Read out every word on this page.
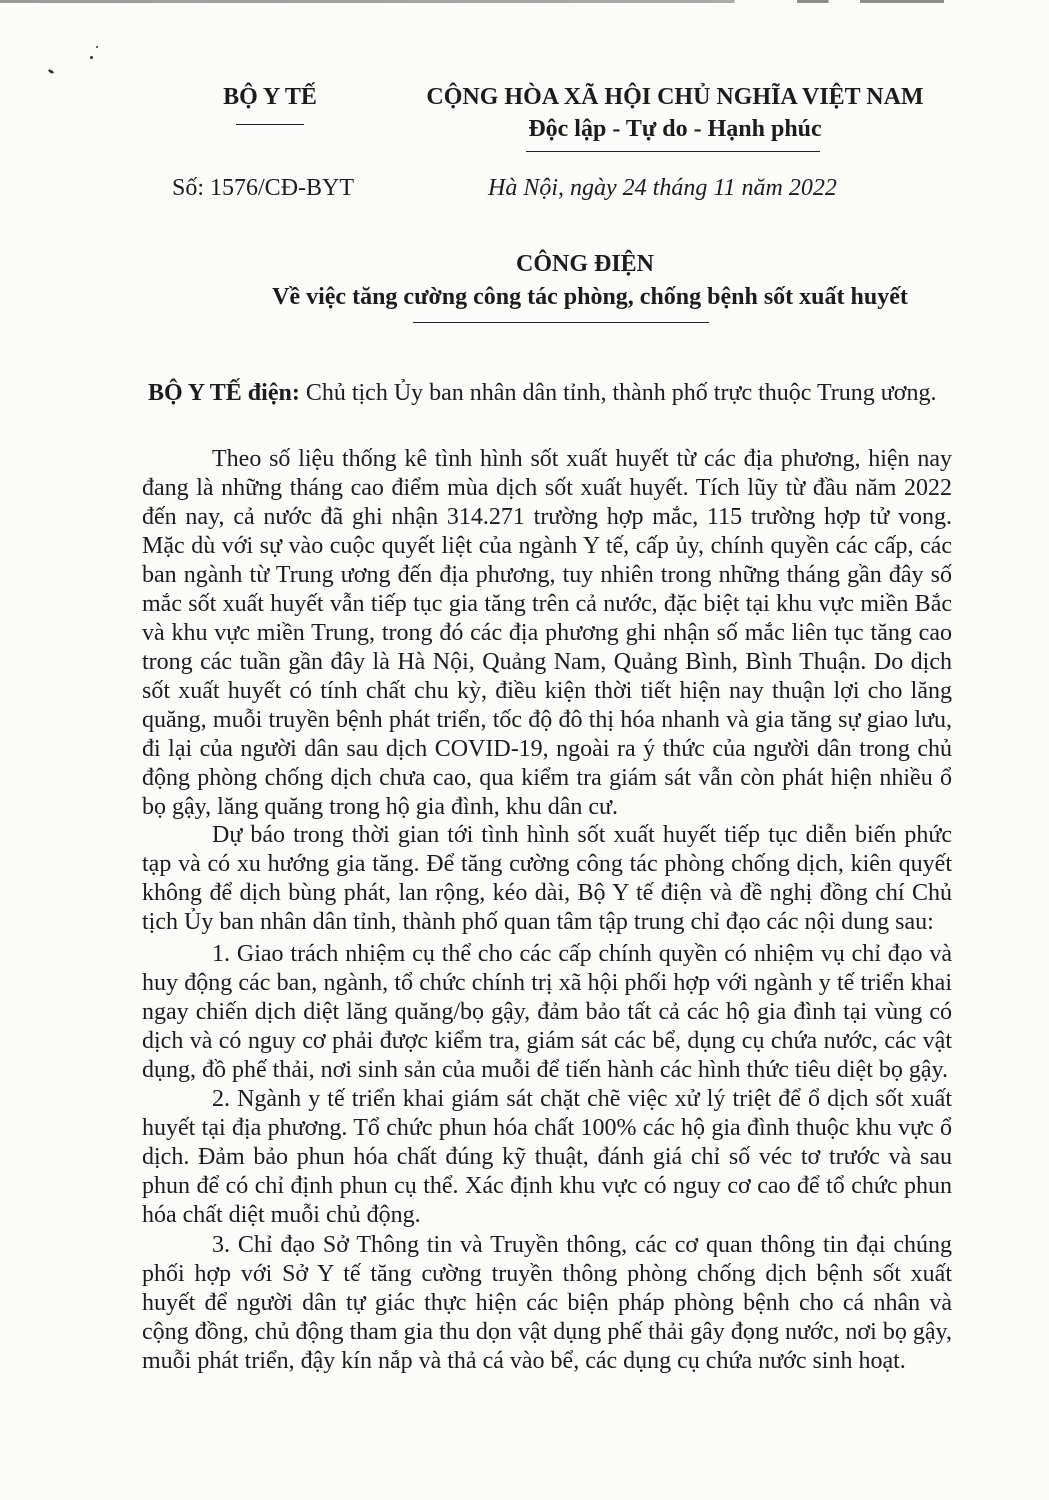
BỘ Y TẾ	CỘNG HÒA XÃ HỘI CHỦ NGHĨA VIỆT NAM
Độc lập - Tự do - Hạnh phúc
Số: 1576/CĐ-BYT	Hà Nội, ngày 24 tháng 11 năm 2022
CÔNG ĐIỆN
Về việc tăng cường công tác phòng, chống bệnh sốt xuất huyết
BỘ Y TẾ điện: Chủ tịch Ủy ban nhân dân tỉnh, thành phố trực thuộc Trung ương.

Theo số liệu thống kê tình hình sốt xuất huyết từ các địa phương, hiện nay đang là những tháng cao điểm mùa dịch sốt xuất huyết. Tích lũy từ đầu năm 2022 đến nay, cả nước đã ghi nhận 314.271 trường hợp mắc, 115 trường hợp tử vong. Mặc dù với sự vào cuộc quyết liệt của ngành Y tế, cấp ủy, chính quyền các cấp, các ban ngành từ Trung ương đến địa phương, tuy nhiên trong những tháng gần đây số mắc sốt xuất huyết vẫn tiếp tục gia tăng trên cả nước, đặc biệt tại khu vực miền Bắc và khu vực miền Trung, trong đó các địa phương ghi nhận số mắc liên tục tăng cao trong các tuần gần đây là Hà Nội, Quảng Nam, Quảng Bình, Bình Thuận. Do dịch sốt xuất huyết có tính chất chu kỳ, điều kiện thời tiết hiện nay thuận lợi cho lăng quăng, muỗi truyền bệnh phát triển, tốc độ đô thị hóa nhanh và gia tăng sự giao lưu, đi lại của người dân sau dịch COVID-19, ngoài ra ý thức của người dân trong chủ động phòng chống dịch chưa cao, qua kiểm tra giám sát vẫn còn phát hiện nhiều ổ bọ gậy, lăng quăng trong hộ gia đình, khu dân cư.

Dự báo trong thời gian tới tình hình sốt xuất huyết tiếp tục diễn biến phức tạp và có xu hướng gia tăng. Để tăng cường công tác phòng chống dịch, kiên quyết không để dịch bùng phát, lan rộng, kéo dài, Bộ Y tế điện và đề nghị đồng chí Chủ tịch Ủy ban nhân dân tỉnh, thành phố quan tâm tập trung chỉ đạo các nội dung sau:

1. Giao trách nhiệm cụ thể cho các cấp chính quyền có nhiệm vụ chỉ đạo và huy động các ban, ngành, tổ chức chính trị xã hội phối hợp với ngành y tế triển khai ngay chiến dịch diệt lăng quăng/bọ gậy, đảm bảo tất cả các hộ gia đình tại vùng có dịch và có nguy cơ phải được kiểm tra, giám sát các bể, dụng cụ chứa nước, các vật dụng, đồ phế thải, nơi sinh sản của muỗi để tiến hành các hình thức tiêu diệt bọ gậy.

2. Ngành y tế triển khai giám sát chặt chẽ việc xử lý triệt để ổ dịch sốt xuất huyết tại địa phương. Tổ chức phun hóa chất 100% các hộ gia đình thuộc khu vực ổ dịch. Đảm bảo phun hóa chất đúng kỹ thuật, đánh giá chỉ số véc tơ trước và sau phun để có chỉ định phun cụ thể. Xác định khu vực có nguy cơ cao để tổ chức phun hóa chất diệt muỗi chủ động.

3. Chỉ đạo Sở Thông tin và Truyền thông, các cơ quan thông tin đại chúng phối hợp với Sở Y tế tăng cường truyền thông phòng chống dịch bệnh sốt xuất huyết để người dân tự giác thực hiện các biện pháp phòng bệnh cho cá nhân và cộng đồng, chủ động tham gia thu dọn vật dụng phế thải gây đọng nước, nơi bọ gậy, muỗi phát triển, đậy kín nắp và thả cá vào bể, các dụng cụ chứa nước sinh hoạt.
